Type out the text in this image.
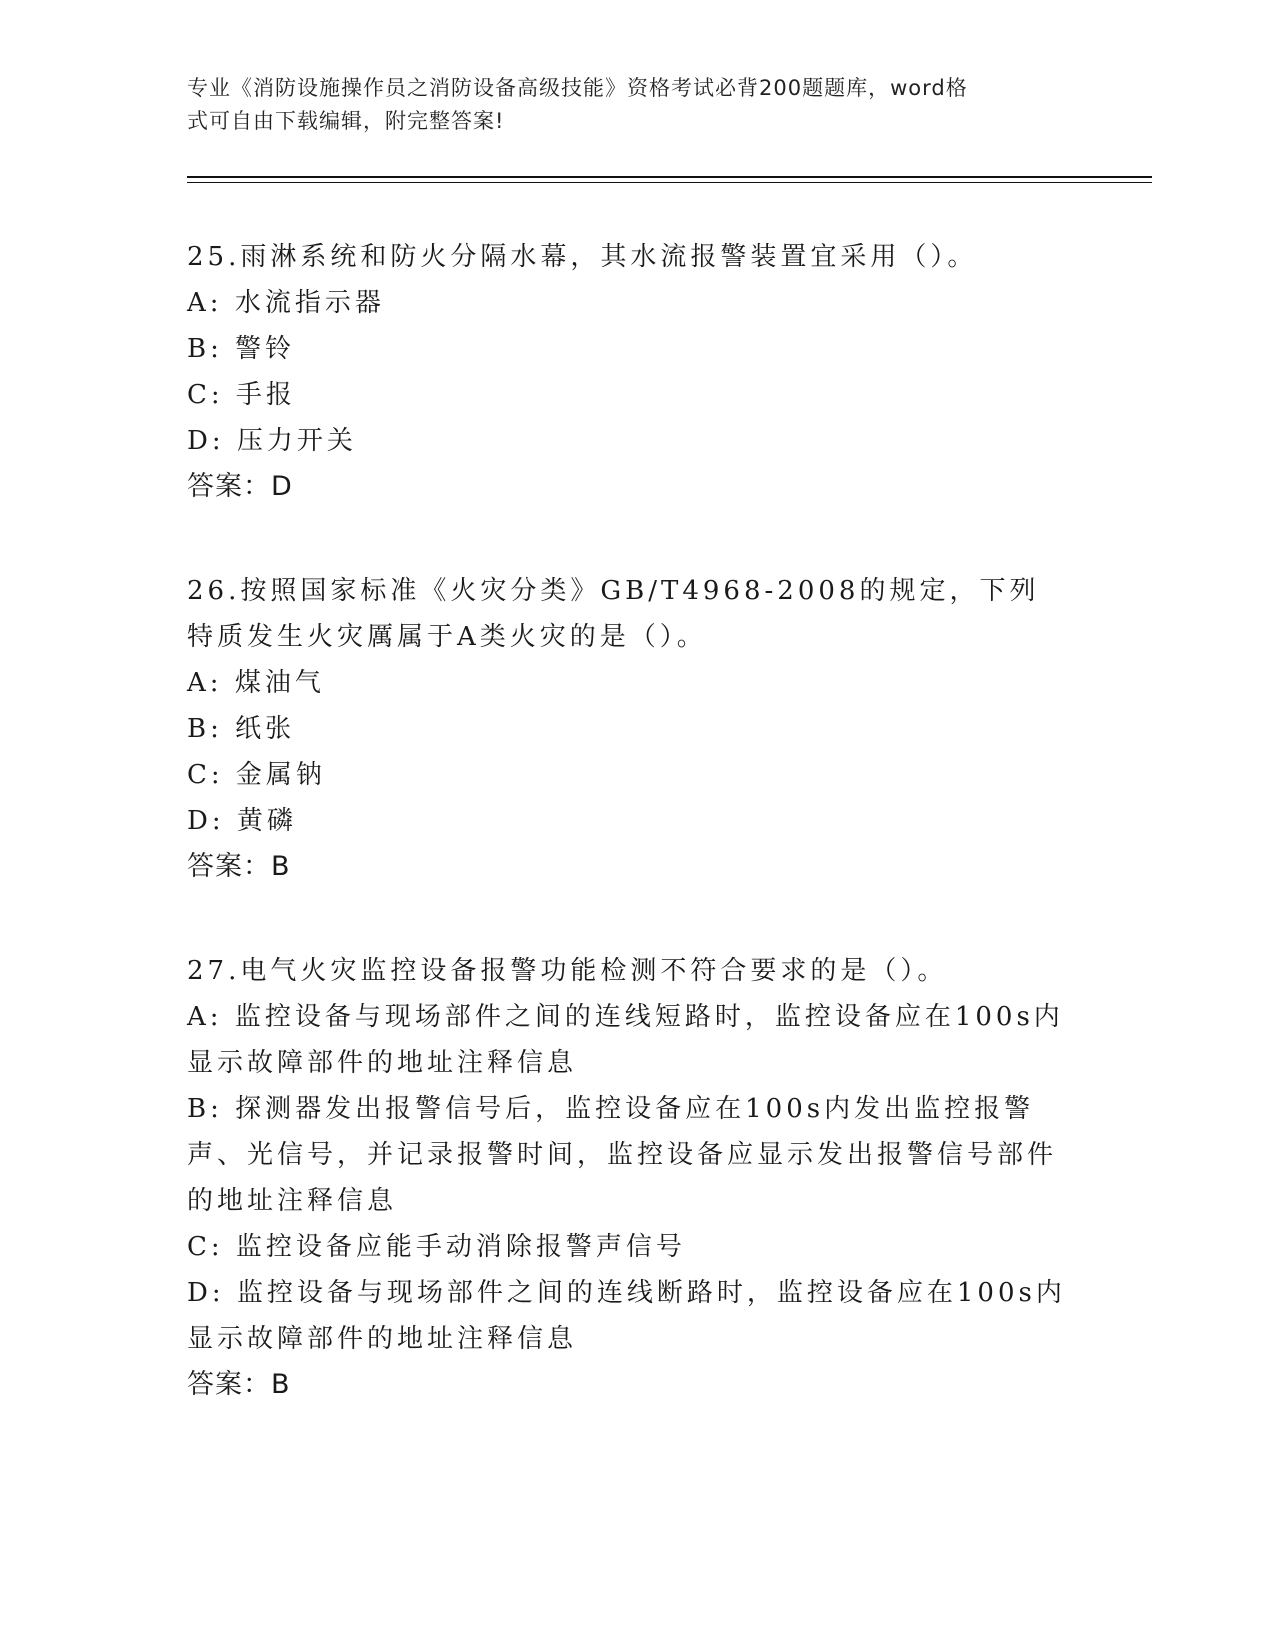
专业《消防设施操作员之消防设备高级技能》资格考试必背200题题库，word格
式可自由下载编辑，附完整答案!

25.雨淋系统和防火分隔水幕，其水流报警装置宜采用（）。

A: 水流指示器

B: 警铃

C: 手报

D: 压力开关

答案：D

26.按照国家标准《火灾分类》GB/T4968-2008的规定，下列特质发生火灾厲属于A类火灾的是（）。

A: 煤油气

B: 纸张

C: 金属钠

D: 黄磷

答案：B

27.电气火灾监控设备报警功能检测不符合要求的是（）。

A: 监控设备与现场部件之间的连线短路时，监控设备应在100s内显示故障部件的地址注释信息

B: 探测器发出报警信号后，监控设备应在100s内发出监控报警声、光信号，并记录报警时间，监控设备应显示发出报警信号部件的地址注释信息

C: 监控设备应能手动消除报警声信号

D: 监控设备与现场部件之间的连线断路时，监控设备应在100s内显示故障部件的地址注释信息

答案：B
